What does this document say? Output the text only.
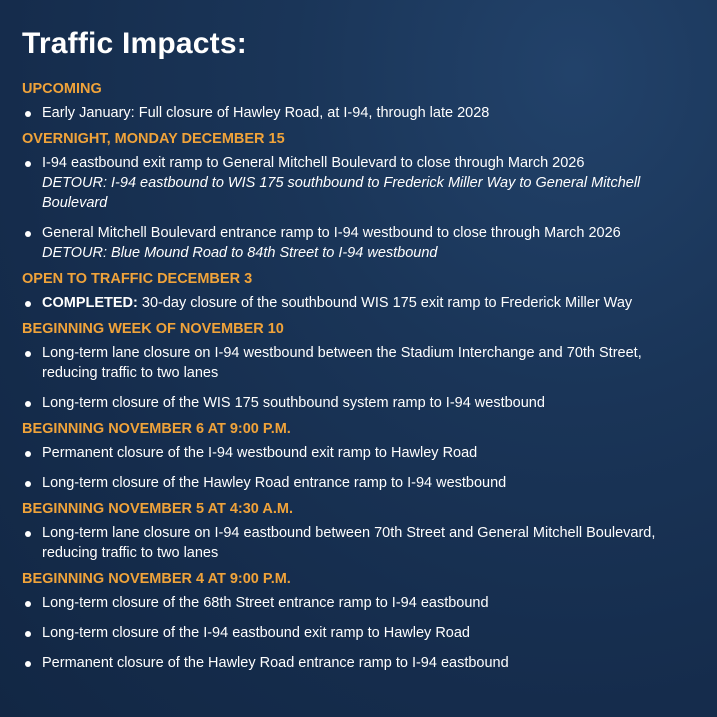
Traffic Impacts:
UPCOMING
Early January: Full closure of Hawley Road, at I-94, through late 2028
OVERNIGHT, MONDAY DECEMBER 15
I-94 eastbound exit ramp to General Mitchell Boulevard to close through March 2026
DETOUR: I-94 eastbound to WIS 175 southbound to Frederick Miller Way to General Mitchell Boulevard
General Mitchell Boulevard entrance ramp to I-94 westbound to close through March 2026
DETOUR: Blue Mound Road to 84th Street to I-94 westbound
OPEN TO TRAFFIC DECEMBER 3
COMPLETED: 30-day closure of the southbound WIS 175 exit ramp to Frederick Miller Way
BEGINNING WEEK OF NOVEMBER 10
Long-term lane closure on I-94 westbound between the Stadium Interchange and 70th Street, reducing traffic to two lanes
Long-term closure of the WIS 175 southbound system ramp to I-94 westbound
BEGINNING NOVEMBER 6 AT 9:00 P.M.
Permanent closure of the I-94 westbound exit ramp to Hawley Road
Long-term closure of the Hawley Road entrance ramp to I-94 westbound
BEGINNING NOVEMBER 5 AT 4:30 A.M.
Long-term lane closure on I-94 eastbound between 70th Street and General Mitchell Boulevard, reducing traffic to two lanes
BEGINNING NOVEMBER 4 AT 9:00 P.M.
Long-term closure of the 68th Street entrance ramp to I-94 eastbound
Long-term closure of the I-94 eastbound exit ramp to Hawley Road
Permanent closure of the Hawley Road entrance ramp to I-94 eastbound
